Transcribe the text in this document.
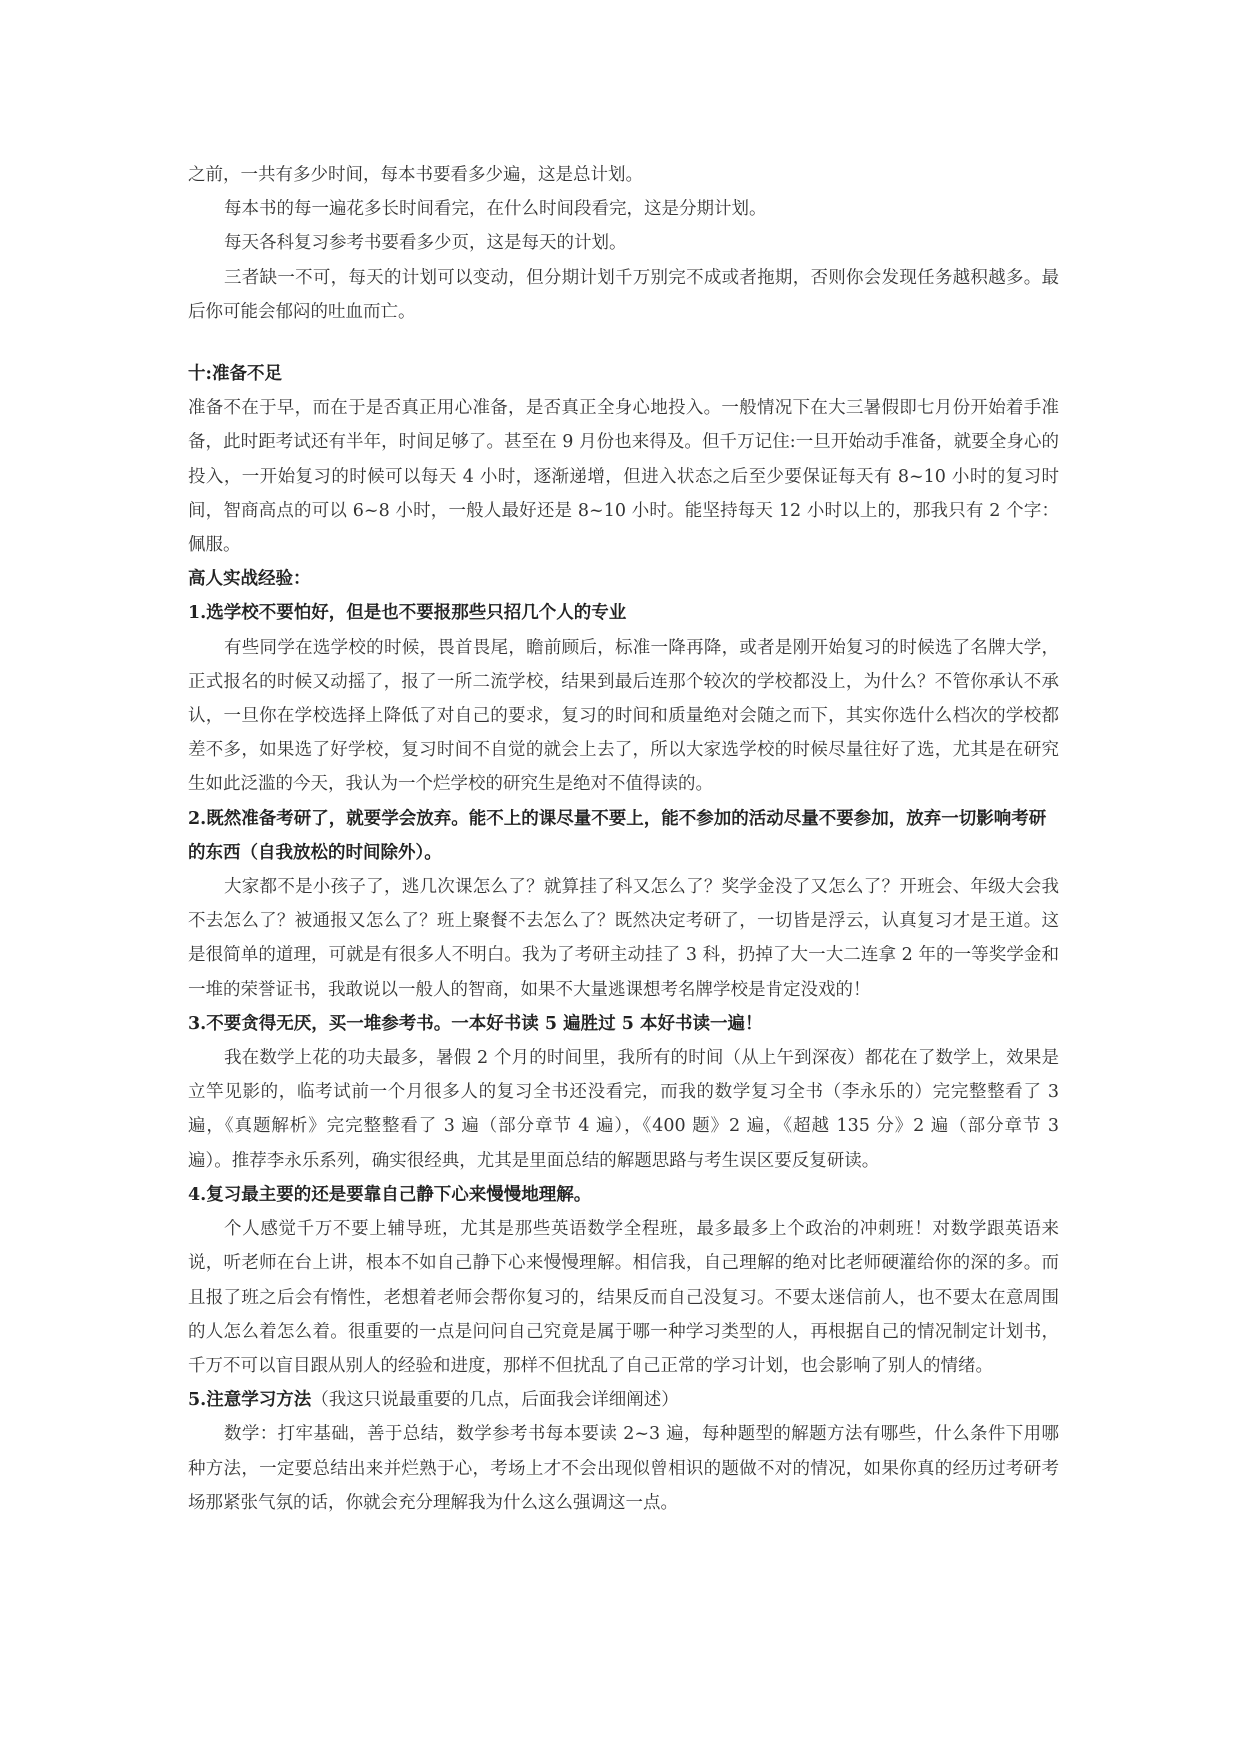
之前，一共有多少时间，每本书要看多少遍，这是总计划。

每本书的每一遍花多长时间看完，在什么时间段看完，这是分期计划。

每天各科复习参考书要看多少页，这是每天的计划。

三者缺一不可，每天的计划可以变动，但分期计划千万别完不成或者拖期，否则你会发现任务越积越多。最后你可能会郁闷的吐血而亡。

十:准备不足

准备不在于早，而在于是否真正用心准备，是否真正全身心地投入。一般情况下在大三暑假即七月份开始着手准备，此时距考试还有半年，时间足够了。甚至在 9 月份也来得及。但千万记住:一旦开始动手准备，就要全身心的投入，一开始复习的时候可以每天 4 小时，逐渐递增，但进入状态之后至少要保证每天有 8~10 小时的复习时间，智商高点的可以 6~8 小时，一般人最好还是 8~10 小时。能坚持每天 12 小时以上的，那我只有 2 个字：佩服。

高人实战经验：

1.选学校不要怕好，但是也不要报那些只招几个人的专业

有些同学在选学校的时候，畏首畏尾，瞻前顾后，标准一降再降，或者是刚开始复习的时候选了名牌大学，正式报名的时候又动摇了，报了一所二流学校，结果到最后连那个较次的学校都没上，为什么？不管你承认不承认，一旦你在学校选择上降低了对自己的要求，复习的时间和质量绝对会随之而下，其实你选什么档次的学校都差不多，如果选了好学校，复习时间不自觉的就会上去了，所以大家选学校的时候尽量往好了选，尤其是在研究生如此泛滥的今天，我认为一个烂学校的研究生是绝对不值得读的。

2.既然准备考研了，就要学会放弃。能不上的课尽量不要上，能不参加的活动尽量不要参加，放弃一切影响考研的东西（自我放松的时间除外）。

大家都不是小孩子了，逃几次课怎么了？就算挂了科又怎么了？奖学金没了又怎么了？开班会、年级大会我不去怎么了？被通报又怎么了？班上聚餐不去怎么了？既然决定考研了，一切皆是浮云，认真复习才是王道。这是很简单的道理，可就是有很多人不明白。我为了考研主动挂了 3 科，扔掉了大一大二连拿 2 年的一等奖学金和一堆的荣誉证书，我敢说以一般人的智商，如果不大量逃课想考名牌学校是肯定没戏的！

3.不要贪得无厌，买一堆参考书。一本好书读 5 遍胜过 5 本好书读一遍！

我在数学上花的功夫最多，暑假 2 个月的时间里，我所有的时间（从上午到深夜）都花在了数学上，效果是立竿见影的，临考试前一个月很多人的复习全书还没看完，而我的数学复习全书（李永乐的）完完整整看了 3 遍，《真题解析》完完整整看了 3 遍（部分章节 4 遍），《400 题》2 遍，《超越 135 分》2 遍（部分章节 3 遍）。推荐李永乐系列，确实很经典，尤其是里面总结的解题思路与考生误区要反复研读。

4.复习最主要的还是要靠自己静下心来慢慢地理解。

个人感觉千万不要上辅导班，尤其是那些英语数学全程班，最多最多上个政治的冲刺班！对数学跟英语来说，听老师在台上讲，根本不如自己静下心来慢慢理解。相信我，自己理解的绝对比老师硬灌给你的深的多。而且报了班之后会有惰性，老想着老师会帮你复习的，结果反而自己没复习。不要太迷信前人，也不要太在意周围的人怎么着怎么着。很重要的一点是问问自己究竟是属于哪一种学习类型的人，再根据自己的情况制定计划书，千万不可以盲目跟从别人的经验和进度，那样不但扰乱了自己正常的学习计划，也会影响了别人的情绪。

5.注意学习方法（我这只说最重要的几点，后面我会详细阐述）

数学：打牢基础，善于总结，数学参考书每本要读 2~3 遍，每种题型的解题方法有哪些，什么条件下用哪种方法，一定要总结出来并烂熟于心，考场上才不会出现似曾相识的题做不对的情况，如果你真的经历过考研考场那紧张气氛的话，你就会充分理解我为什么这么强调这一点。
